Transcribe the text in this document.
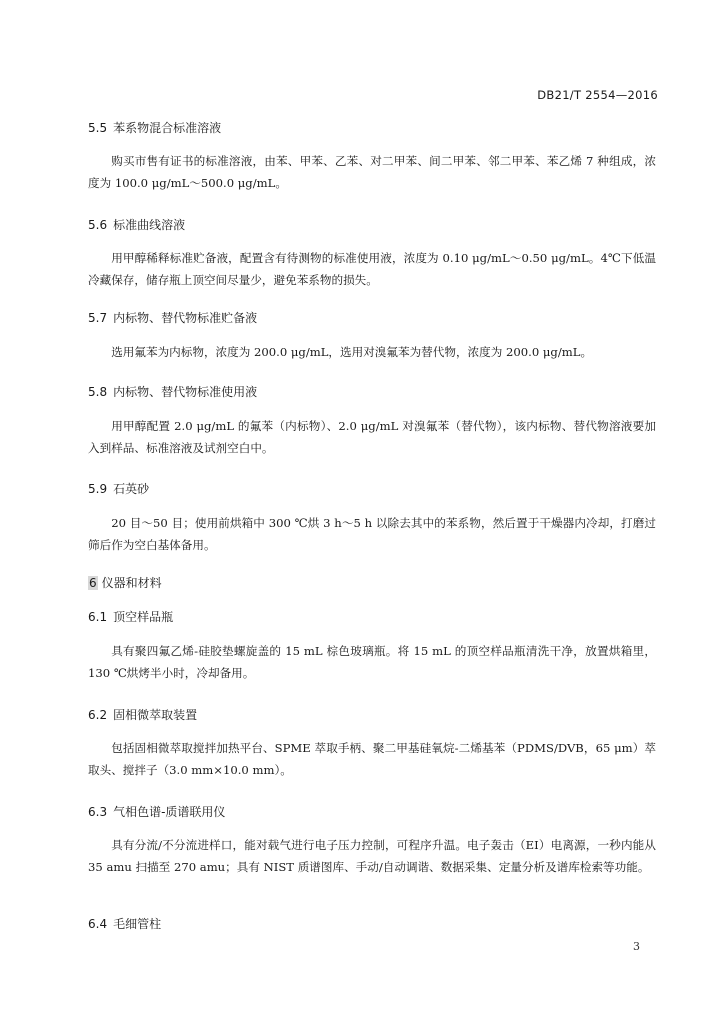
DB21/T 2554—2016
5.5 苯系物混合标准溶液

购买市售有证书的标准溶液，由苯、甲苯、乙苯、对二甲苯、间二甲苯、邻二甲苯、苯乙烯 7 种组成，浓度为 100.0 μg/mL～500.0 μg/mL。

5.6 标准曲线溶液

用甲醇稀释标准贮备液，配置含有待测物的标准使用液，浓度为 0.10 μg/mL～0.50 μg/mL。4℃下低温冷藏保存，储存瓶上顶空间尽量少，避免苯系物的损失。

5.7 内标物、替代物标准贮备液

选用氟苯为内标物，浓度为 200.0 μg/mL，选用对溴氟苯为替代物，浓度为 200.0 μg/mL。

5.8 内标物、替代物标准使用液

用甲醇配置 2.0 μg/mL 的氟苯（内标物）、2.0 μg/mL 对溴氟苯（替代物），该内标物、替代物溶液要加入到样品、标准溶液及试剂空白中。

5.9 石英砂

20 目～50 目；使用前烘箱中 300 ℃烘 3 h～5 h 以除去其中的苯系物，然后置于干燥器内冷却，打磨过筛后作为空白基体备用。

6 仪器和材料
6.1 顶空样品瓶

具有聚四氟乙烯-硅胶垫螺旋盖的 15 mL 棕色玻璃瓶。将 15 mL 的顶空样品瓶清洗干净，放置烘箱里，130 ℃烘烤半小时，冷却备用。

6.2 固相微萃取装置

包括固相微萃取搅拌加热平台、SPME 萃取手柄、聚二甲基硅氧烷-二烯基苯（PDMS/DVB，65 μm）萃取头、搅拌子（3.0 mm×10.0 mm）。

6.3 气相色谱-质谱联用仪

具有分流/不分流进样口，能对载气进行电子压力控制，可程序升温。电子轰击（EI）电离源，一秒内能从 35 amu 扫描至 270 amu；具有 NIST 质谱图库、手动/自动调谐、数据采集、定量分析及谱库检索等功能。

6.4 毛细管柱
3
